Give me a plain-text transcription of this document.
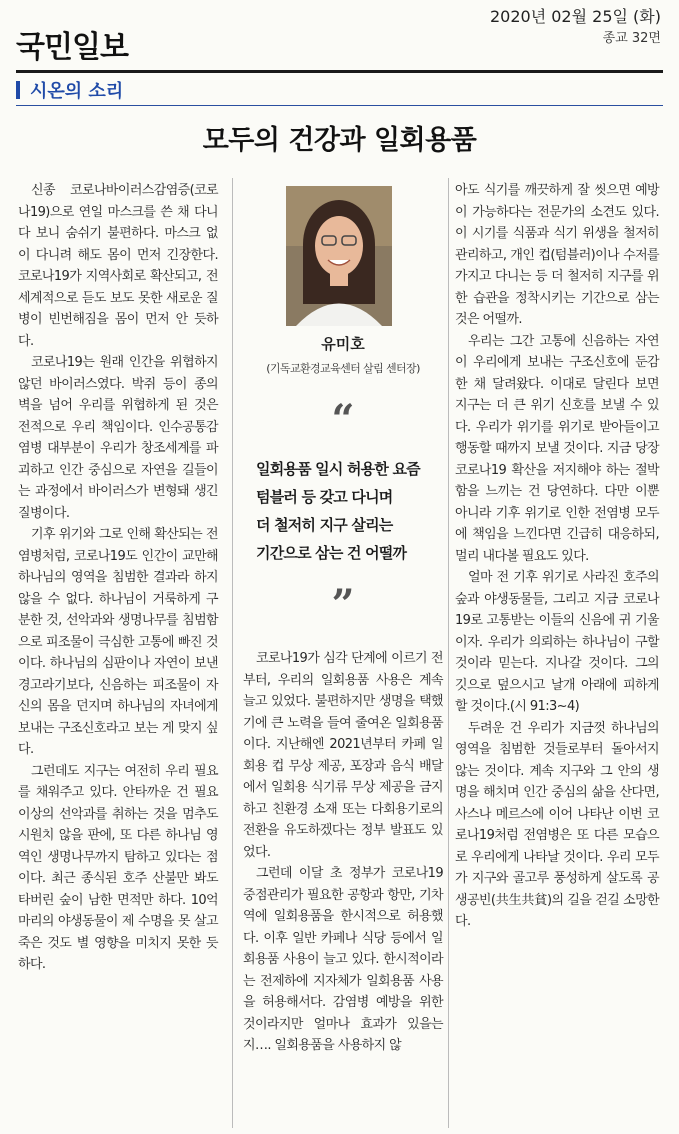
2020년 02월 25일 (화)
종교 32면
국민일보
시온의 소리
모두의 건강과 일회용품

신종 코로나바이러스감염증(코로나19)으로 연일 마스크를 쓴 채 다니다 보니 숨쉬기 불편하다. 마스크 없이 다니려 해도 몸이 먼저 긴장한다. 코로나19가 지역사회로 확산되고, 전 세계적으로 듣도 보도 못한 새로운 질병이 빈번해짐을 몸이 먼저 안 듯하다.

코로나19는 원래 인간을 위협하지 않던 바이러스였다. 박쥐 등이 종의 벽을 넘어 우리를 위협하게 된 것은 전적으로 우리 책임이다. 인수공통감염병 대부분이 우리가 창조세계를 파괴하고 인간 중심으로 자연을 길들이는 과정에서 바이러스가 변형돼 생긴 질병이다.

기후 위기와 그로 인해 확산되는 전염병처럼, 코로나19도 인간이 교만해 하나님의 영역을 침범한 결과라 하지 않을 수 없다. 하나님이 거룩하게 구분한 것, 선악과와 생명나무를 침범함으로 피조물이 극심한 고통에 빠진 것이다. 하나님의 심판이나 자연이 보낸 경고라기보다, 신음하는 피조물이 자신의 몸을 던지며 하나님의 자녀에게 보내는 구조신호라고 보는 게 맞지 싶다.

그런데도 지구는 여전히 우리 필요를 채워주고 있다. 안타까운 건 필요 이상의 선악과를 취하는 것을 멈추도 시원치 않을 판에, 또 다른 하나님 영역인 생명나무까지 탐하고 있다는 점이다. 최근 종식된 호주 산불만 봐도 타버린 숲이 남한 면적만 하다. 10억 마리의 야생동물이 제 수명을 못 살고 죽은 것도 별 영향을 미치지 못한 듯하다.

유미호
(기독교환경교육센터 살림 센터장)
“
일회용품 일시 허용한 요즘
텀블러 등 갖고 다니며
더 철저히 지구 살리는
기간으로 삼는 건 어떨까
”

코로나19가 심각 단계에 이르기 전부터, 우리의 일회용품 사용은 계속 늘고 있었다. 불편하지만 생명을 택했기에 큰 노력을 들여 줄여온 일회용품이다. 지난해엔 2021년부터 카페 일회용 컵 무상 제공, 포장과 음식 배달에서 일회용 식기류 무상 제공을 금지하고 친환경 소재 또는 다회용기로의 전환을 유도하겠다는 정부 발표도 있었다.

그런데 이달 초 정부가 코로나19 중점관리가 필요한 공항과 항만, 기차역에 일회용품을 한시적으로 허용했다. 이후 일반 카페나 식당 등에서 일회용품 사용이 늘고 있다. 한시적이라는 전제하에 지자체가 일회용품 사용을 허용해서다. 감염병 예방을 위한 것이라지만 얼마나 효과가 있을는지…. 일회용품을 사용하지 않

아도 식기를 깨끗하게 잘 씻으면 예방이 가능하다는 전문가의 소견도 있다. 이 시기를 식품과 식기 위생을 철저히 관리하고, 개인 컵(텀블러)이나 수저를 가지고 다니는 등 더 철저히 지구를 위한 습관을 정착시키는 기간으로 삼는 것은 어떨까.

우리는 그간 고통에 신음하는 자연이 우리에게 보내는 구조신호에 둔감한 채 달려왔다. 이대로 달린다 보면 지구는 더 큰 위기 신호를 보낼 수 있다. 우리가 위기를 위기로 받아들이고 행동할 때까지 보낼 것이다. 지금 당장 코로나19 확산을 저지해야 하는 절박함을 느끼는 건 당연하다. 다만 이뿐 아니라 기후 위기로 인한 전염병 모두에 책임을 느낀다면 긴급히 대응하되, 멀리 내다볼 필요도 있다.

얼마 전 기후 위기로 사라진 호주의 숲과 야생동물들, 그리고 지금 코로나19로 고통받는 이들의 신음에 귀 기울이자. 우리가 의뢰하는 하나님이 구할 것이라 믿는다. 지나갈 것이다. 그의 깃으로 덮으시고 날개 아래에 피하게 할 것이다.(시 91:3~4)

두려운 건 우리가 지금껏 하나님의 영역을 침범한 것들로부터 돌아서지 않는 것이다. 계속 지구와 그 안의 생명을 해치며 인간 중심의 삶을 산다면, 사스나 메르스에 이어 나타난 이번 코로나19처럼 전염병은 또 다른 모습으로 우리에게 나타날 것이다. 우리 모두가 지구와 골고루 풍성하게 살도록 공생공빈(共生共貧)의 길을 걷길 소망한다.
